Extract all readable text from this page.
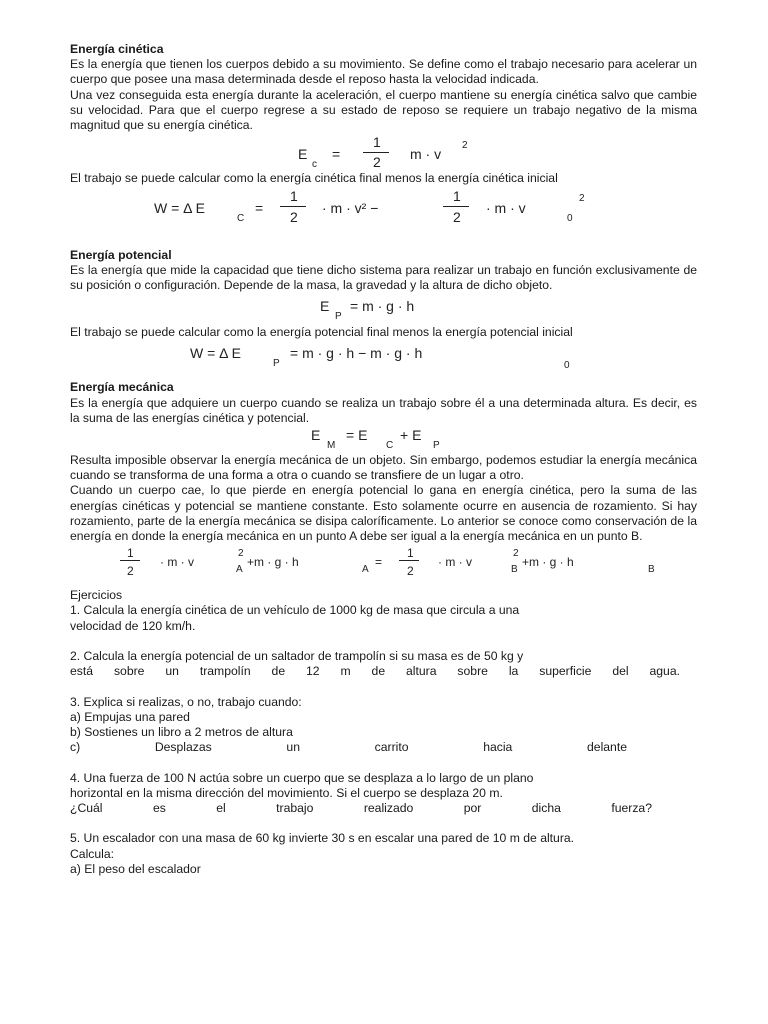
Energía cinética
Es la energía que tienen los cuerpos debido a su movimiento. Se define como el trabajo necesario para acelerar un cuerpo que posee una masa determinada desde el reposo hasta la velocidad indicada.
Una vez conseguida esta energía durante la aceleración, el cuerpo mantiene su energía cinética salvo que cambie su velocidad. Para que el cuerpo regrese a su estado de reposo se requiere un trabajo negativo de la misma magnitud que su energía cinética.
E
c
=
1
2 m · v
2
El trabajo se puede calcular como la energía cinética final menos la energía cinética inicial
W = Δ E
C
=
1
2
· m · v² −
1
2
· m · v
2
0
Energía potencial
Es la energía que mide la capacidad que tiene dicho sistema para realizar un trabajo en función exclusivamente de su posición o configuración. Depende de la masa, la gravedad y la altura de dicho objeto.
E
P
= m · g · h
El trabajo se puede calcular como la energía potencial final menos la energía potencial inicial
W = Δ E
P
= m · g · h − m · g · h
0
Energía mecánica
Es la energía que adquiere un cuerpo cuando se realiza un trabajo sobre él a una determinada altura. Es decir, es la suma de las energías cinética y potencial.
E
M
= E
C
+ E
P
Resulta imposible observar la energía mecánica de un objeto. Sin embargo, podemos estudiar la energía mecánica cuando se transforma de una forma a otra o cuando se transfiere de un lugar a otro.
Cuando un cuerpo cae, lo que pierde en energía potencial lo gana en energía cinética, pero la suma de las energías cinéticas y potencial se mantiene constante. Esto solamente ocurre en ausencia de rozamiento. Si hay rozamiento, parte de la energía mecánica se disipa caloríficamente. Lo anterior se conoce como conservación de la energía en donde la energía mecánica en un punto A debe ser igual a la energía mecánica en un punto B.
1
2
· m · v
2
A
+m · g · h
A
=
1
2
· m · v
2
B
+m · g · h
B
Ejercicios
1. Calcula la energía cinética de un vehículo de 1000 kg de masa que circula a una
velocidad de 120 km/h.
2. Calcula la energía potencial de un saltador de trampolín si su masa es de 50 kg y
está sobre un trampolín de 12 m de altura sobre la superficie del agua.
3. Explica si realizas, o no, trabajo cuando:
a) Empujas una pared
b) Sostienes un libro a 2 metros de altura
c) Desplazas un carrito hacia delante
4. Una fuerza de 100 N actúa sobre un cuerpo que se desplaza a lo largo de un plano
horizontal en la misma dirección del movimiento. Si el cuerpo se desplaza 20 m.
¿Cuál es el trabajo realizado por dicha fuerza?
5. Un escalador con una masa de 60 kg invierte 30 s en escalar una pared de 10 m de altura.
Calcula:
a) El peso del escalador
